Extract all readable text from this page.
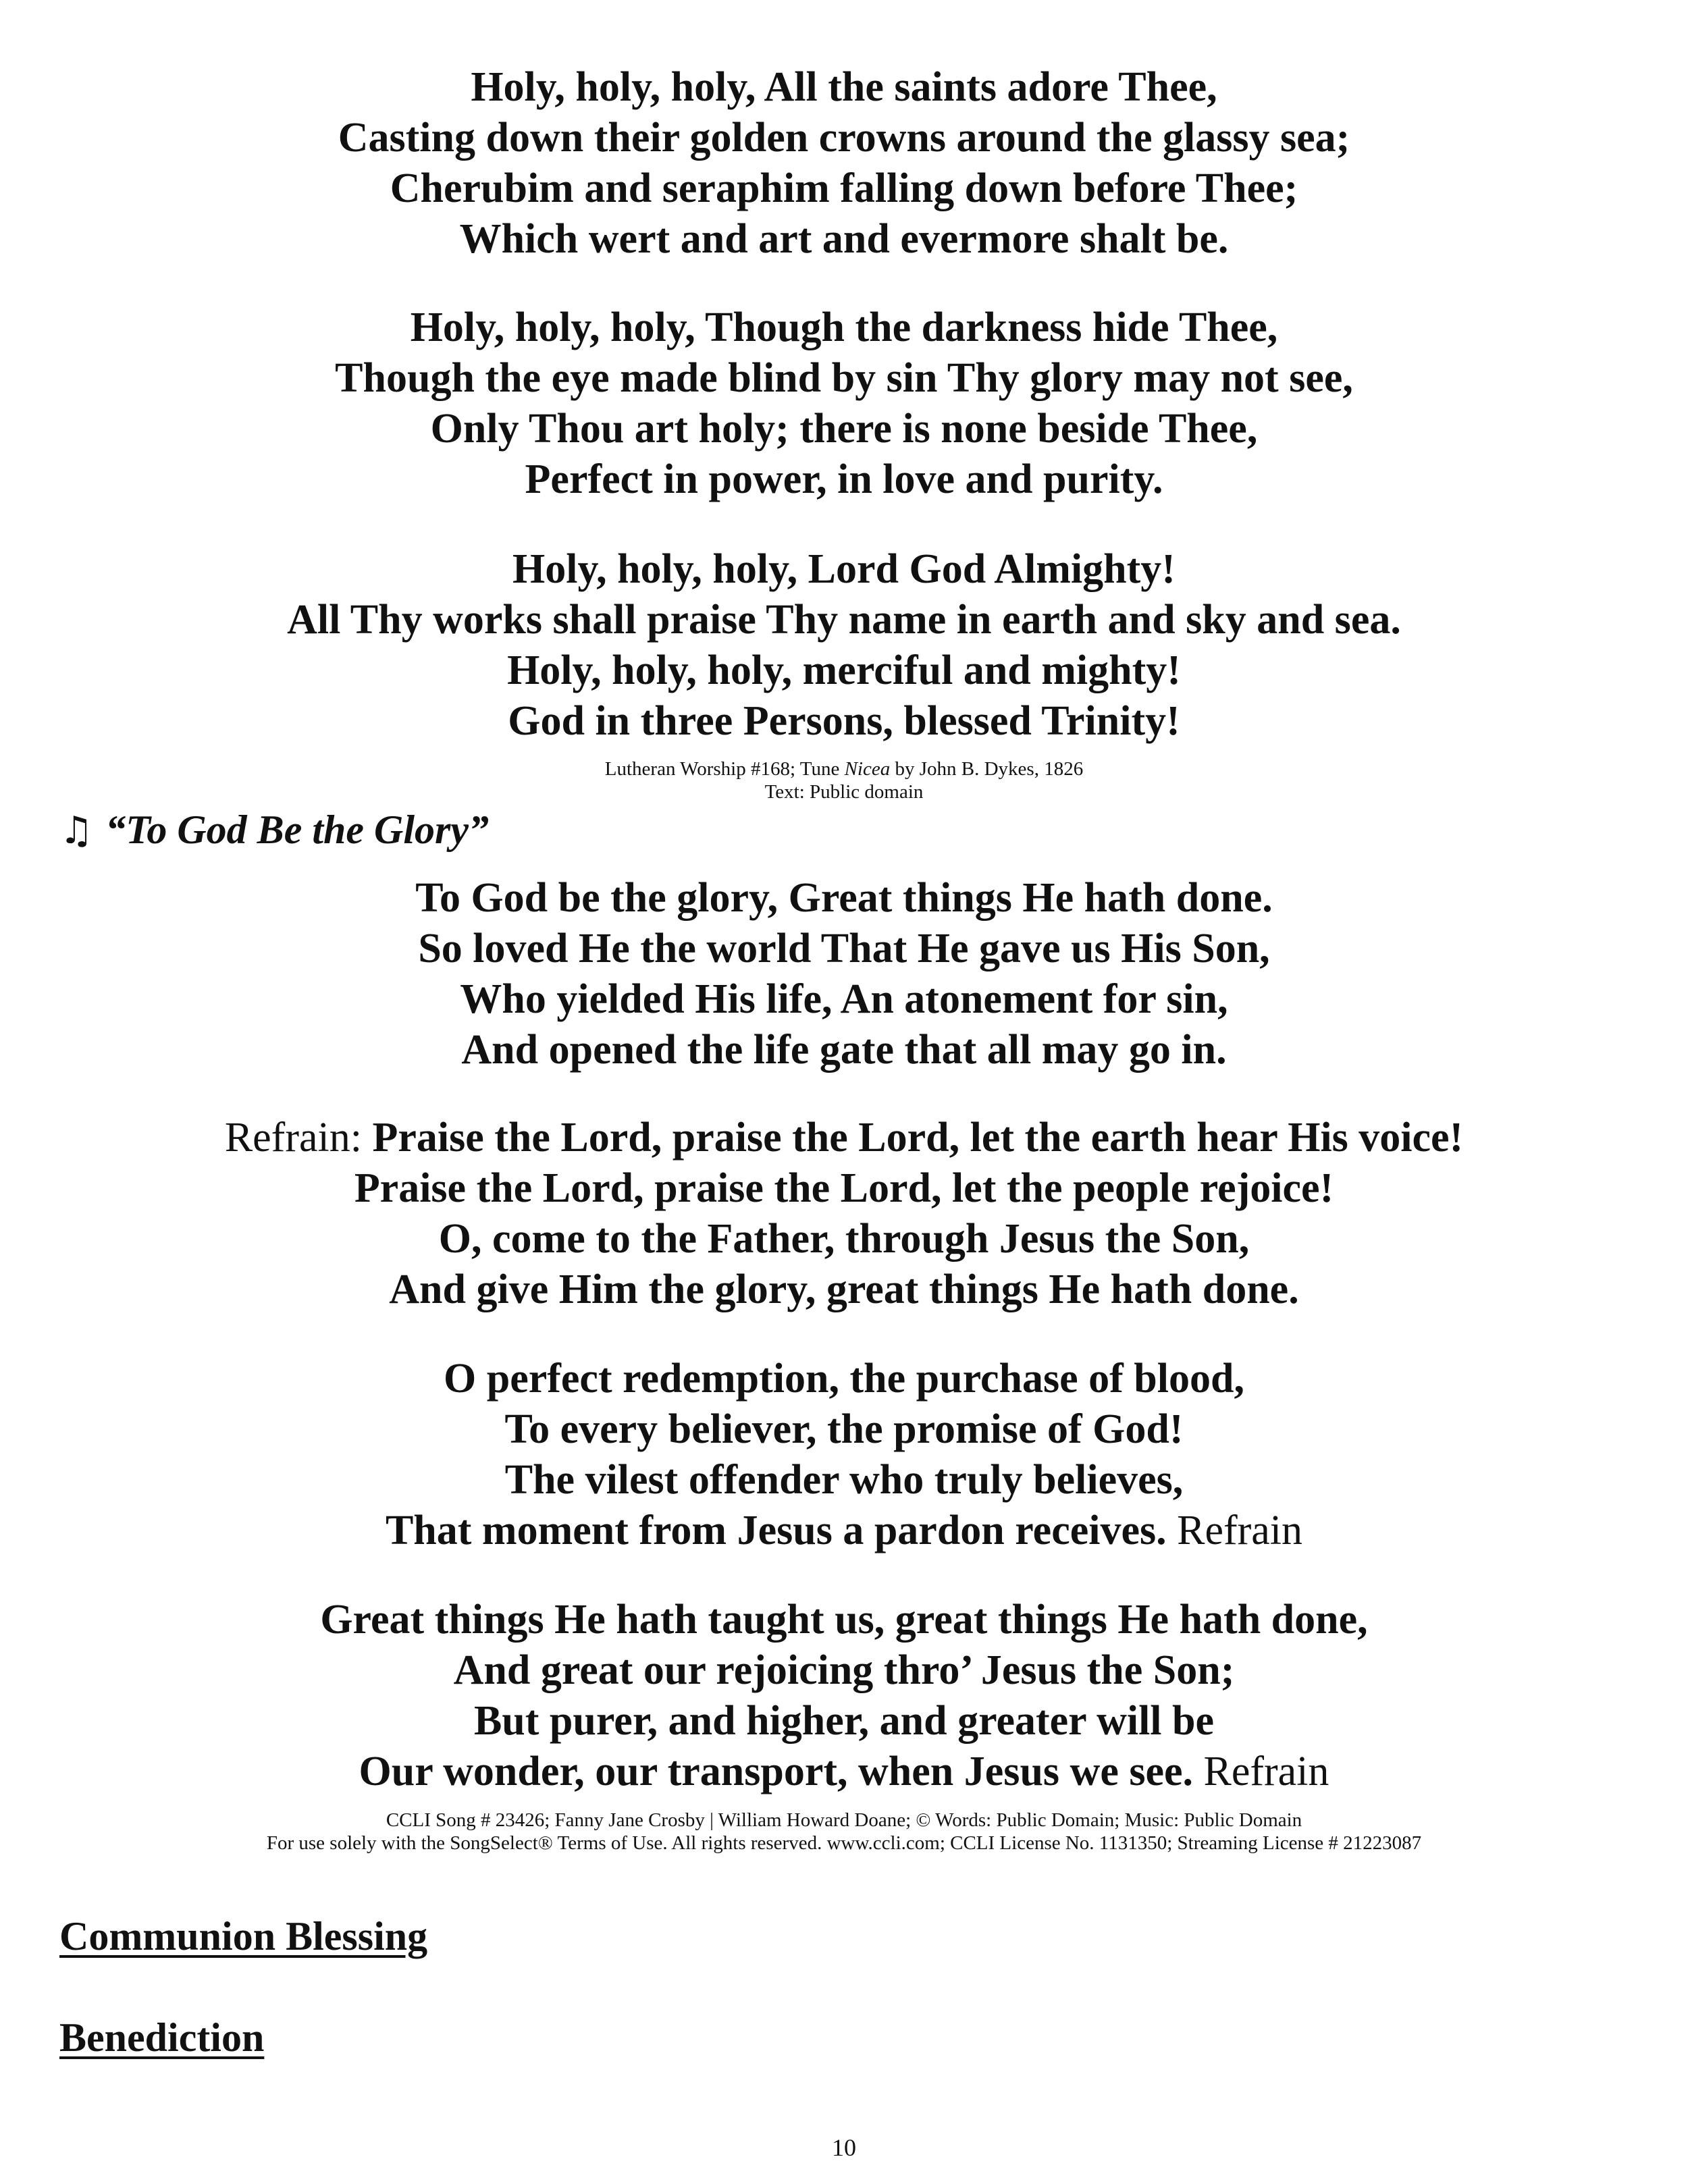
Holy, holy, holy, All the saints adore Thee,
Casting down their golden crowns around the glassy sea;
Cherubim and seraphim falling down before Thee;
Which wert and art and evermore shalt be.
Holy, holy, holy, Though the darkness hide Thee,
Though the eye made blind by sin Thy glory may not see,
Only Thou art holy; there is none beside Thee,
Perfect in power, in love and purity.
Holy, holy, holy, Lord God Almighty!
All Thy works shall praise Thy name in earth and sky and sea.
Holy, holy, holy, merciful and mighty!
God in three Persons, blessed Trinity!
Lutheran Worship #168; Tune Nicea by John B. Dykes, 1826
Text: Public domain
♫ “To God Be the Glory”
To God be the glory, Great things He hath done.
So loved He the world That He gave us His Son,
Who yielded His life, An atonement for sin,
And opened the life gate that all may go in.
Refrain: Praise the Lord, praise the Lord, let the earth hear His voice!
Praise the Lord, praise the Lord, let the people rejoice!
O, come to the Father, through Jesus the Son,
And give Him the glory, great things He hath done.
O perfect redemption, the purchase of blood,
To every believer, the promise of God!
The vilest offender who truly believes,
That moment from Jesus a pardon receives. Refrain
Great things He hath taught us, great things He hath done,
And great our rejoicing thro’ Jesus the Son;
But purer, and higher, and greater will be
Our wonder, our transport, when Jesus we see. Refrain
CCLI Song # 23426; Fanny Jane Crosby | William Howard Doane; © Words: Public Domain; Music: Public Domain
For use solely with the SongSelect® Terms of Use. All rights reserved. www.ccli.com; CCLI License No. 1131350; Streaming License # 21223087
Communion Blessing
Benediction
10
